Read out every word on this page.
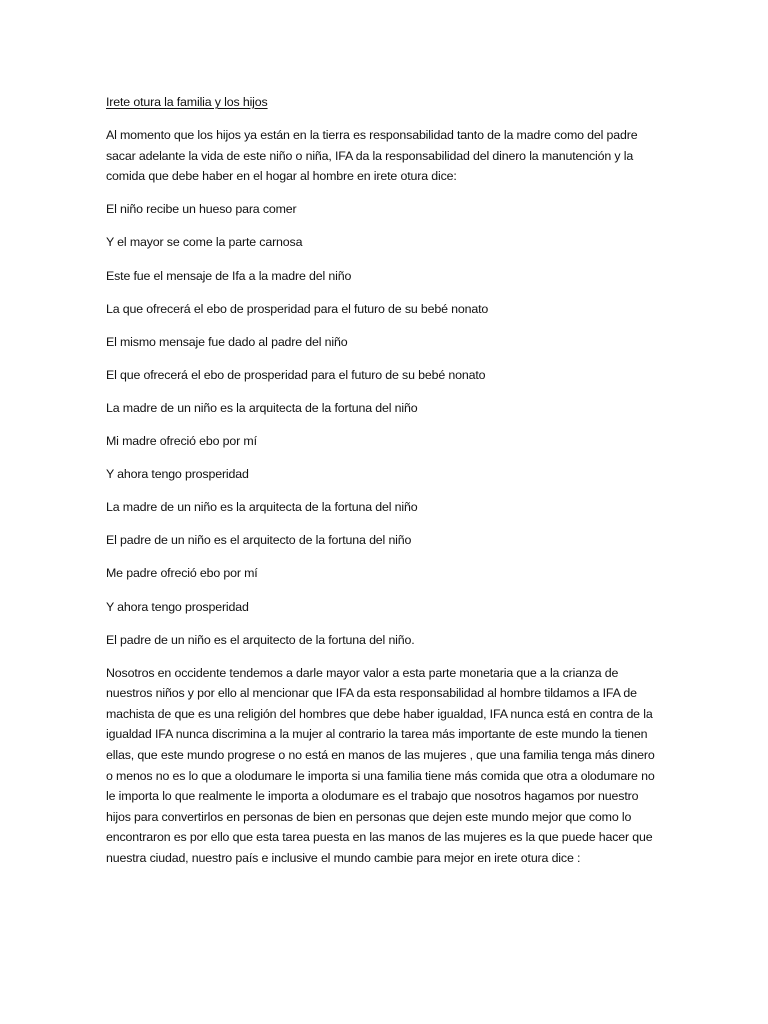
Irete otura la familia y los hijos

Al momento que los hijos ya están en la tierra es responsabilidad tanto de la madre como del padre sacar adelante la vida de este niño o niña, IFA da la responsabilidad del dinero la manutención y la comida que debe haber en el hogar al hombre en irete otura dice:

El niño recibe un hueso para comer

Y el mayor se come la parte carnosa

Este fue el mensaje de Ifa a la madre del niño

La que ofrecerá el ebo de prosperidad para el futuro de su bebé nonato

El mismo mensaje fue dado al padre del niño

El que ofrecerá el ebo de prosperidad para el futuro de su bebé nonato

La madre de un niño es la arquitecta de la fortuna del niño

Mi madre ofreció ebo por mí

Y ahora tengo prosperidad

La madre de un niño es la arquitecta de la fortuna del niño

El padre de un niño es el arquitecto de la fortuna del niño

Me padre ofreció ebo por mí

Y ahora tengo prosperidad

El padre de un niño es el arquitecto de la fortuna del niño.

Nosotros en occidente tendemos a darle mayor valor a esta parte monetaria que a la crianza de nuestros niños y por ello al mencionar que IFA da esta responsabilidad al hombre tildamos a IFA de machista de que es una religión del hombres que debe haber igualdad, IFA nunca está en contra de la igualdad IFA nunca discrimina a la mujer al contrario la tarea más importante de este mundo la tienen ellas, que este mundo progrese o no está en manos de las mujeres , que una familia tenga más dinero o menos no es lo que a olodumare le importa si una familia tiene más comida que otra a olodumare no le importa lo que realmente le importa a olodumare es el trabajo que nosotros hagamos por nuestro hijos para convertirlos en personas de bien en personas que dejen este mundo mejor que como lo encontraron es por ello que esta tarea puesta en las manos de las mujeres es la que puede hacer que nuestra ciudad, nuestro país e inclusive el mundo cambie para mejor en irete otura dice :
